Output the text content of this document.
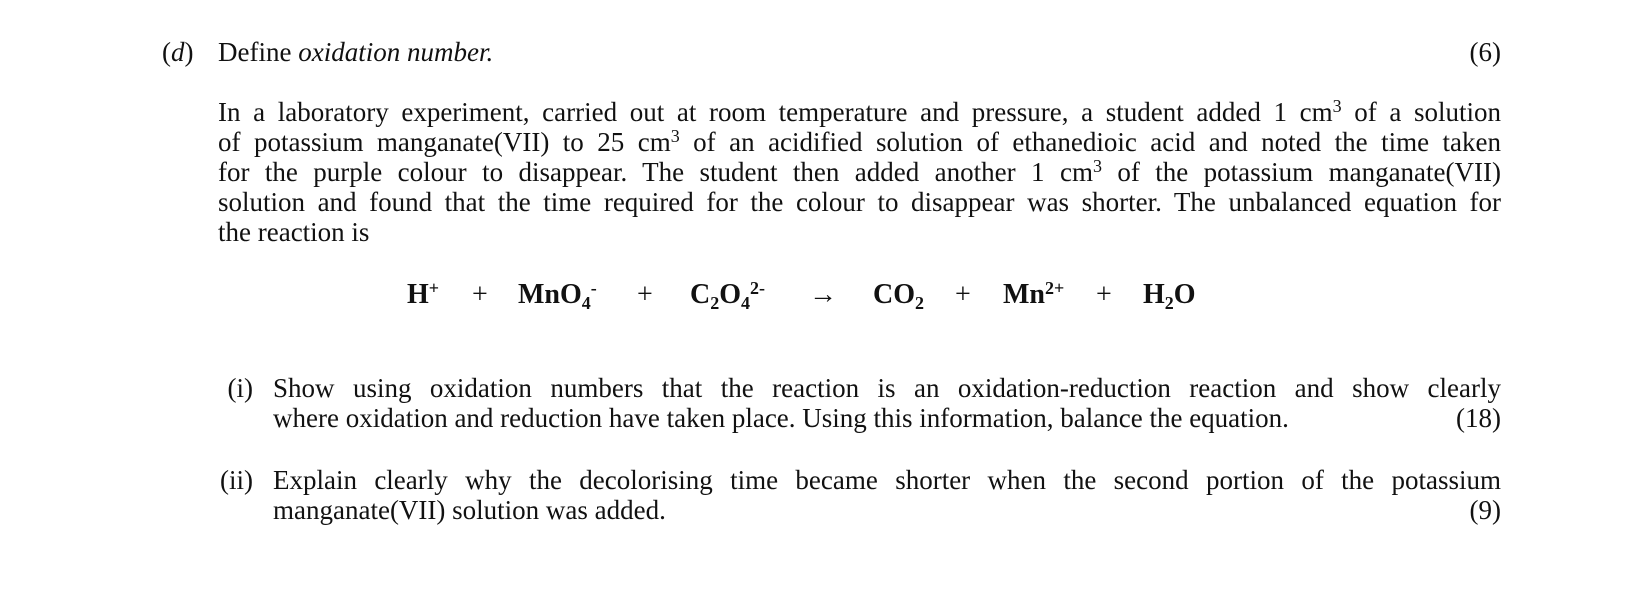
(d) Define oxidation number.	(6)
In a laboratory experiment, carried out at room temperature and pressure, a student added 1 $cm^3$ of a solution
of potassium manganate(VII) to 25 $cm^3$ of an acidified solution of ethanedioic acid and noted the time taken
for the purple colour to disappear. The student then added another 1 $cm^3$ of the potassium manganate(VII)
solution and found that the time required for the colour to disappear was shorter. The unbalanced equation for
the reaction is
$H^+ + MnO_4^- + C_2O_4^{2-} \to CO_2 + Mn^{2+} + H_2O$
(i) Show using oxidation numbers that the reaction is an oxidation-reduction reaction and show clearly
where oxidation and reduction have taken place. Using this information, balance the equation.	(18)
(ii) Explain clearly why the decolorising time became shorter when the second portion of the potassium
manganate(VII) solution was added.	(9)
